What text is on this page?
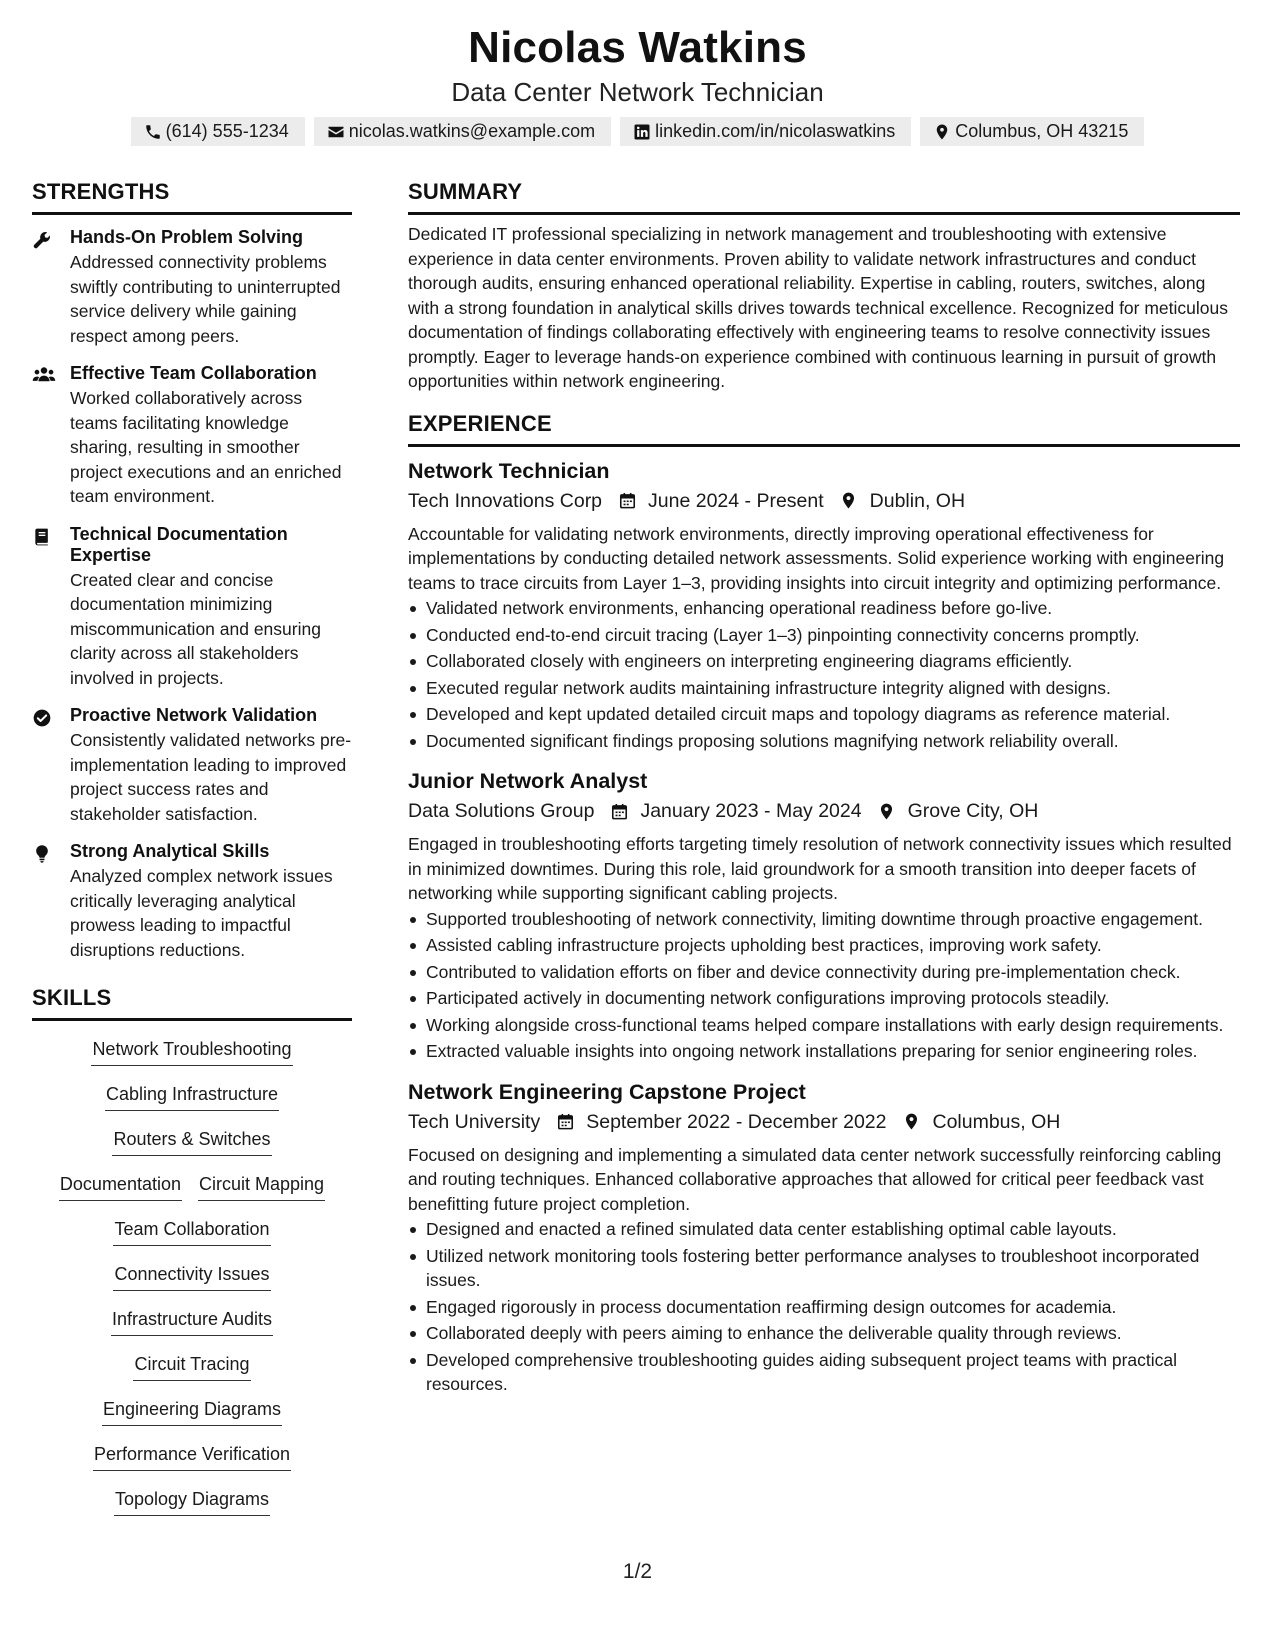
Nicolas Watkins
Data Center Network Technician
(614) 555-1234	nicolas.watkins@example.com	linkedin.com/in/nicolaswatkins	Columbus, OH 43215
STRENGTHS
Hands-On Problem Solving
Addressed connectivity problems swiftly contributing to uninterrupted service delivery while gaining respect among peers.
Effective Team Collaboration
Worked collaboratively across teams facilitating knowledge sharing, resulting in smoother project executions and an enriched team environment.
Technical Documentation Expertise
Created clear and concise documentation minimizing miscommunication and ensuring clarity across all stakeholders involved in projects.
Proactive Network Validation
Consistently validated networks pre-implementation leading to improved project success rates and stakeholder satisfaction.
Strong Analytical Skills
Analyzed complex network issues critically leveraging analytical prowess leading to impactful disruptions reductions.
SKILLS
Network Troubleshooting
Cabling Infrastructure
Routers & Switches
Documentation Circuit Mapping
Team Collaboration
Connectivity Issues
Infrastructure Audits
Circuit Tracing
Engineering Diagrams
Performance Verification
Topology Diagrams
SUMMARY
Dedicated IT professional specializing in network management and troubleshooting with extensive experience in data center environments. Proven ability to validate network infrastructures and conduct thorough audits, ensuring enhanced operational reliability. Expertise in cabling, routers, switches, along with a strong foundation in analytical skills drives towards technical excellence. Recognized for meticulous documentation of findings collaborating effectively with engineering teams to resolve connectivity issues promptly. Eager to leverage hands-on experience combined with continuous learning in pursuit of growth opportunities within network engineering.
EXPERIENCE
Network Technician
Tech Innovations Corp June 2024 - Present Dublin, OH
Accountable for validating network environments, directly improving operational effectiveness for implementations by conducting detailed network assessments. Solid experience working with engineering teams to trace circuits from Layer 1–3, providing insights into circuit integrity and optimizing performance.
Validated network environments, enhancing operational readiness before go-live.
Conducted end-to-end circuit tracing (Layer 1–3) pinpointing connectivity concerns promptly.
Collaborated closely with engineers on interpreting engineering diagrams efficiently.
Executed regular network audits maintaining infrastructure integrity aligned with designs.
Developed and kept updated detailed circuit maps and topology diagrams as reference material.
Documented significant findings proposing solutions magnifying network reliability overall.
Junior Network Analyst
Data Solutions Group January 2023 - May 2024 Grove City, OH
Engaged in troubleshooting efforts targeting timely resolution of network connectivity issues which resulted in minimized downtimes. During this role, laid groundwork for a smooth transition into deeper facets of networking while supporting significant cabling projects.
Supported troubleshooting of network connectivity, limiting downtime through proactive engagement.
Assisted cabling infrastructure projects upholding best practices, improving work safety.
Contributed to validation efforts on fiber and device connectivity during pre-implementation check.
Participated actively in documenting network configurations improving protocols steadily.
Working alongside cross-functional teams helped compare installations with early design requirements.
Extracted valuable insights into ongoing network installations preparing for senior engineering roles.
Network Engineering Capstone Project
Tech University September 2022 - December 2022 Columbus, OH
Focused on designing and implementing a simulated data center network successfully reinforcing cabling and routing techniques. Enhanced collaborative approaches that allowed for critical peer feedback vast benefitting future project completion.
Designed and enacted a refined simulated data center establishing optimal cable layouts.
Utilized network monitoring tools fostering better performance analyses to troubleshoot incorporated issues.
Engaged rigorously in process documentation reaffirming design outcomes for academia.
Collaborated deeply with peers aiming to enhance the deliverable quality through reviews.
Developed comprehensive troubleshooting guides aiding subsequent project teams with practical resources.
1/2
